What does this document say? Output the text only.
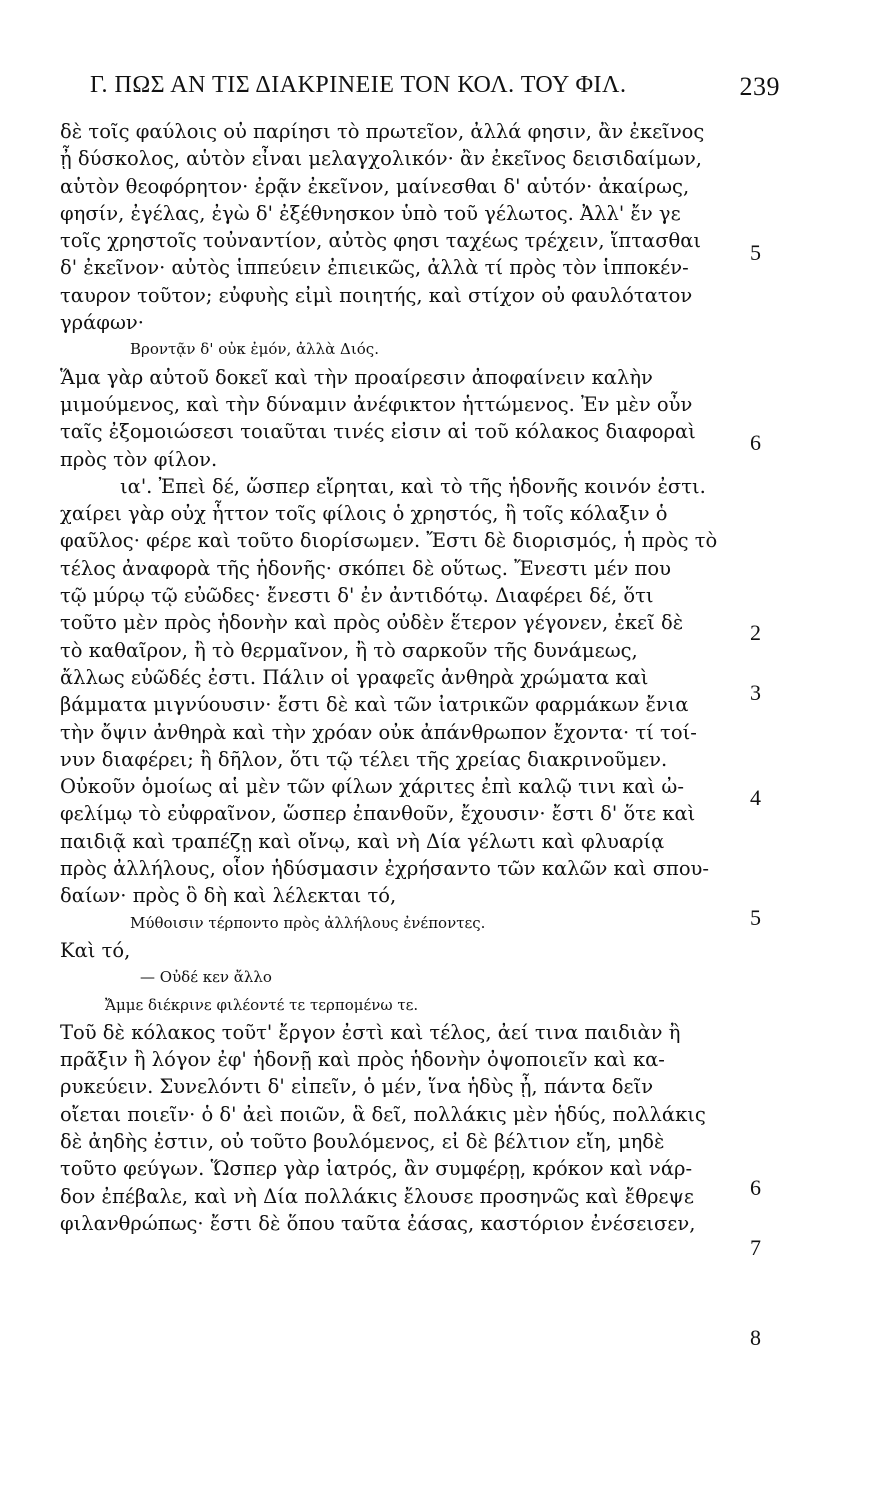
Γ. ΠΩΣ ΑΝ ΤΙΣ ΔΙΑΚΡΙΝΕΙΕ ΤΟΝ ΚΟΛ. ΤΟΥ ΦΙΛ.	239
δὲ τοῖς φαύλοις οὐ παρίησι τὸ πρωτεῖον, ἀλλά φησιν, ἂν ἐκεῖνος
ᾖ δύσκολος, αὑτὸν εἶναι μελαγχολικόν· ἂν ἐκεῖνος δεισιδαίμων,
αὑτὸν θεοφόρητον· ἐρᾷν ἐκεῖνον, μαίνεσθαι δ' αὑτόν· ἀκαίρως,
φησίν, ἐγέλας, ἐγὼ δ' ἐξέθνησκον ὑπὸ τοῦ γέλωτος. Ἀλλ' ἔν γε
τοῖς χρηστοῖς τοὐναντίον, αὐτὸς φησι ταχέως τρέχειν, ἵπτασθαι
δ' ἐκεῖνον· αὐτὸς ἱππεύειν ἐπιεικῶς, ἀλλὰ τί πρὸς τὸν ἱπποκέν-
ταυρον τοῦτον; εὐφυὴς εἰμὶ ποιητής, καὶ στίχον οὐ φαυλότατον
γράφων·
Βροντᾷν δ' οὐκ ἐμόν, ἀλλὰ Διός.
Ἅμα γὰρ αὐτοῦ δοκεῖ καὶ τὴν προαίρεσιν ἀποφαίνειν καλὴν
μιμούμενος, καὶ τὴν δύναμιν ἀνέφικτον ἡττώμενος. Ἐν μὲν οὖν
ταῖς ἐξομοιώσεσι τοιαῦται τινές εἰσιν αἱ τοῦ κόλακος διαφοραὶ
πρὸς τὸν φίλον.
ια'. Ἐπεὶ δέ, ὥσπερ εἴρηται, καὶ τὸ τῆς ἡδονῆς κοινόν ἐστι.
χαίρει γὰρ οὐχ ἧττον τοῖς φίλοις ὁ χρηστός, ἢ τοῖς κόλαξιν ὁ
φαῦλος· φέρε καὶ τοῦτο διορίσωμεν. Ἔστι δὲ διορισμός, ἡ πρὸς τὸ
τέλος ἀναφορὰ τῆς ἡδονῆς· σκόπει δὲ οὕτως. Ἔνεστι μέν που
τῷ μύρῳ τῷ εὐῶδες· ἔνεστι δ' ἐν ἀντιδότῳ. Διαφέρει δέ, ὅτι
τοῦτο μὲν πρὸς ἡδονὴν καὶ πρὸς οὐδὲν ἕτερον γέγονεν, ἐκεῖ δὲ
τὸ καθαῖρον, ἢ τὸ θερμαῖνον, ἢ τὸ σαρκοῦν τῆς δυνάμεως,
ἄλλως εὐῶδές ἐστι. Πάλιν οἱ γραφεῖς ἀνθηρὰ χρώματα καὶ
βάμματα μιγνύουσιν· ἔστι δὲ καὶ τῶν ἰατρικῶν φαρμάκων ἔνια
τὴν ὄψιν ἀνθηρὰ καὶ τὴν χρόαν οὐκ ἀπάνθρωπον ἔχοντα· τί τοί-
νυν διαφέρει; ἢ δῆλον, ὅτι τῷ τέλει τῆς χρείας διακρινοῦμεν.
Οὐκοῦν ὁμοίως αἱ μὲν τῶν φίλων χάριτες ἐπὶ καλῷ τινι καὶ ὠ-
φελίμῳ τὸ εὐφραῖνον, ὥσπερ ἐπανθοῦν, ἔχουσιν· ἔστι δ' ὅτε καὶ
παιδιᾷ καὶ τραπέζῃ καὶ οἴνῳ, καὶ νὴ Δία γέλωτι καὶ φλυαρίᾳ
πρὸς ἀλλήλους, οἷον ἡδύσμασιν ἐχρήσαντο τῶν καλῶν καὶ σπου-
δαίων· πρὸς ὃ δὴ καὶ λέλεκται τό,
Μύθοισιν τέρποντο πρὸς ἀλλήλους ἐνέποντες.
Καὶ τό,
— Οὐδέ κεν ἄλλο
Ἄμμε διέκρινε φιλέοντέ τε τερπομένω τε.
Τοῦ δὲ κόλακος τοῦτ' ἔργον ἐστὶ καὶ τέλος, ἀεί τινα παιδιὰν ἢ
πρᾶξιν ἢ λόγον ἐφ' ἡδονῇ καὶ πρὸς ἡδονὴν ὀψοποιεῖν καὶ κα-
ρυκεύειν. Συνελόντι δ' εἰπεῖν, ὁ μέν, ἵνα ἡδὺς ᾖ, πάντα δεῖν
οἴεται ποιεῖν· ὁ δ' ἀεὶ ποιῶν, ἃ δεῖ, πολλάκις μὲν ἡδύς, πολλάκις
δὲ ἀηδὴς ἐστιν, οὐ τοῦτο βουλόμενος, εἰ δὲ βέλτιον εἴη, μηδὲ
τοῦτο φεύγων. Ὥσπερ γὰρ ἰατρός, ἂν συμφέρῃ, κρόκον καὶ νάρ-
δον ἐπέβαλε, καὶ νὴ Δία πολλάκις ἔλουσε προσηνῶς καὶ ἔθρεψε
φιλανθρώπως· ἔστι δὲ ὅπου ταῦτα ἐάσας, καστόριον ἐνέσεισεν,
5
6
2
3
4
5
6
7
8
